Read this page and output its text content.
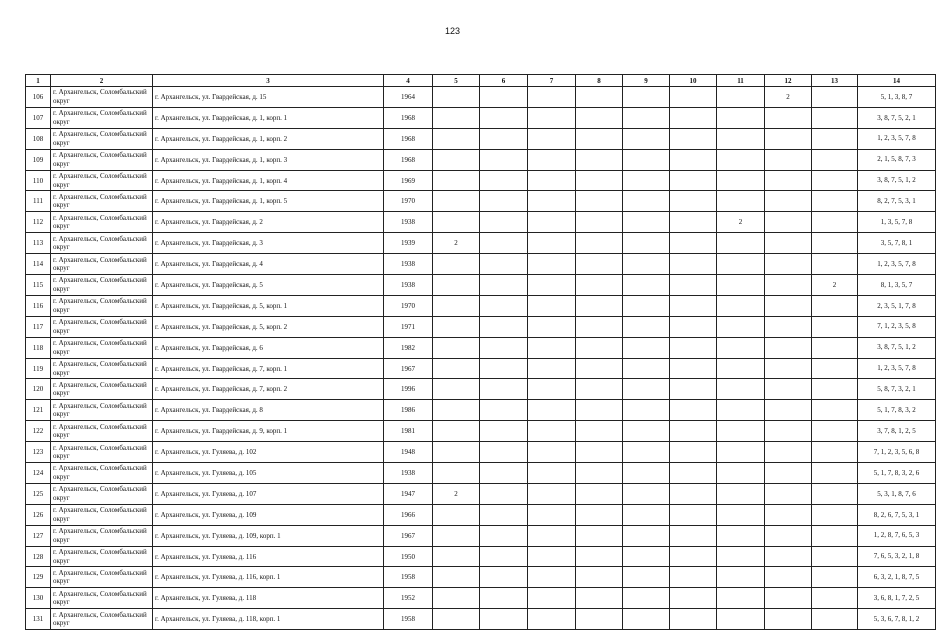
123
1	2	3	4	5	6	7	8	9	10	11	12	13	14
106	г. Архангельск, Соломбальский округ	г. Архангельск, ул. Гвардейская, д. 15	1964								2		5, 1, 3, 8, 7
107	г. Архангельск, Соломбальский округ	г. Архангельск, ул. Гвардейская, д. 1, корп. 1	1968										3, 8, 7, 5, 2, 1
108	г. Архангельск, Соломбальский округ	г. Архангельск, ул. Гвардейская, д. 1, корп. 2	1968										1, 2, 3, 5, 7, 8
109	г. Архангельск, Соломбальский округ	г. Архангельск, ул. Гвардейская, д. 1, корп. 3	1968										2, 1, 5, 8, 7, 3
110	г. Архангельск, Соломбальский округ	г. Архангельск, ул. Гвардейская, д. 1, корп. 4	1969										3, 8, 7, 5, 1, 2
111	г. Архангельск, Соломбальский округ	г. Архангельск, ул. Гвардейская, д. 1, корп. 5	1970										8, 2, 7, 5, 3, 1
112	г. Архангельск, Соломбальский округ	г. Архангельск, ул. Гвардейская, д. 2	1938							2			1, 3, 5, 7, 8
113	г. Архангельск, Соломбальский округ	г. Архангельск, ул. Гвардейская, д. 3	1939	2									3, 5, 7, 8, 1
114	г. Архангельск, Соломбальский округ	г. Архангельск, ул. Гвардейская, д. 4	1938										1, 2, 3, 5, 7, 8
115	г. Архангельск, Соломбальский округ	г. Архангельск, ул. Гвардейская, д. 5	1938									2	8, 1, 3, 5, 7
116	г. Архангельск, Соломбальский округ	г. Архангельск, ул. Гвардейская, д. 5, корп. 1	1970										2, 3, 5, 1, 7, 8
117	г. Архангельск, Соломбальский округ	г. Архангельск, ул. Гвардейская, д. 5, корп. 2	1971										7, 1, 2, 3, 5, 8
118	г. Архангельск, Соломбальский округ	г. Архангельск, ул. Гвардейская, д. 6	1982										3, 8, 7, 5, 1, 2
119	г. Архангельск, Соломбальский округ	г. Архангельск, ул. Гвардейская, д. 7, корп. 1	1967										1, 2, 3, 5, 7, 8
120	г. Архангельск, Соломбальский округ	г. Архангельск, ул. Гвардейская, д. 7, корп. 2	1996										5, 8, 7, 3, 2, 1
121	г. Архангельск, Соломбальский округ	г. Архангельск, ул. Гвардейская, д. 8	1986										5, 1, 7, 8, 3, 2
122	г. Архангельск, Соломбальский округ	г. Архангельск, ул. Гвардейская, д. 9, корп. 1	1981										3, 7, 8, 1, 2, 5
123	г. Архангельск, Соломбальский округ	г. Архангельск, ул. Гуляева, д. 102	1948										7, 1, 2, 3, 5, 6, 8
124	г. Архангельск, Соломбальский округ	г. Архангельск, ул. Гуляева, д. 105	1938										5, 1, 7, 8, 3, 2, 6
125	г. Архангельск, Соломбальский округ	г. Архангельск, ул. Гуляева, д. 107	1947	2									5, 3, 1, 8, 7, 6
126	г. Архангельск, Соломбальский округ	г. Архангельск, ул. Гуляева, д. 109	1966										8, 2, 6, 7, 5, 3, 1
127	г. Архангельск, Соломбальский округ	г. Архангельск, ул. Гуляева, д. 109, корп. 1	1967										1, 2, 8, 7, 6, 5, 3
128	г. Архангельск, Соломбальский округ	г. Архангельск, ул. Гуляева, д. 116	1950										7, 6, 5, 3, 2, 1, 8
129	г. Архангельск, Соломбальский округ	г. Архангельск, ул. Гуляева, д. 116, корп. 1	1958										6, 3, 2, 1, 8, 7, 5
130	г. Архангельск, Соломбальский округ	г. Архангельск, ул. Гуляева, д. 118	1952										3, 6, 8, 1, 7, 2, 5
131	г. Архангельск, Соломбальский округ	г. Архангельск, ул. Гуляева, д. 118, корп. 1	1958										5, 3, 6, 7, 8, 1, 2
